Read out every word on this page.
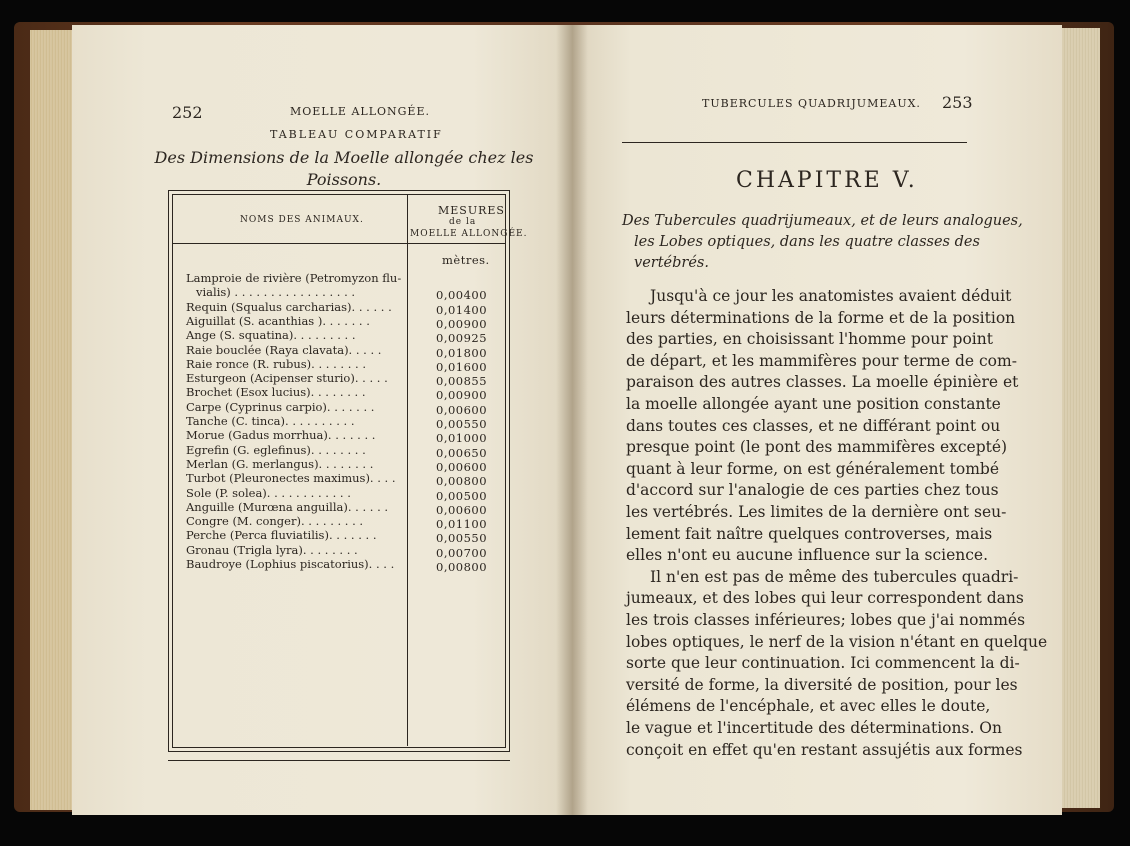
252	MOELLE ALLONGÉE.
TABLEAU COMPARATIF
Des Dimensions de la Moelle allongée chez les Poissons.
NOMS DES ANIMAUX.
MESURES
de la
MOELLE ALLONGÉE.
mètres.
Lamproie de rivière (Petromyzon flu-
vialis) . . . . . . . . . . . . . . . . .	0,00400
Requin (Squalus carcharias). . . . . .	0,01400
Aiguillat (S. acanthias ). . . . . . .	0,00900
Ange (S. squatina). . . . . . . . .	0,00925
Raie bouclée (Raya clavata). . . . .	0,01800
Raie ronce (R. rubus). . . . . . . .	0,01600
Esturgeon (Acipenser sturio). . . . .	0,00855
Brochet (Esox lucius). . . . . . . .	0,00900
Carpe (Cyprinus carpio). . . . . . .	0,00600
Tanche (C. tinca). . . . . . . . . .	0,00550
Morue (Gadus morrhua). . . . . . .	0,01000
Egrefin (G. eglefinus). . . . . . . .	0,00650
Merlan (G. merlangus). . . . . . . .	0,00600
Turbot (Pleuronectes maximus). . . .	0,00800
Sole (P. solea). . . . . . . . . . . .	0,00500
Anguille (Murœna anguilla). . . . . .	0,00600
Congre (M. conger). . . . . . . . .	0,01100
Perche (Perca fluviatilis). . . . . . .	0,00550
Gronau (Trigla lyra). . . . . . . .	0,00700
Baudroye (Lophius piscatorius). . . .	0,00800
TUBERCULES QUADRIJUMEAUX. 253
CHAPITRE V.
Des Tubercules quadrijumeaux, et de leurs analogues,
les Lobes optiques, dans les quatre classes des
vertébrés.
Jusqu'à ce jour les anatomistes avaient déduit
leurs déterminations de la forme et de la position
des parties, en choisissant l'homme pour point
de départ, et les mammifères pour terme de com-
paraison des autres classes. La moelle épinière et
la moelle allongée ayant une position constante
dans toutes ces classes, et ne différant point ou
presque point (le pont des mammifères excepté)
quant à leur forme, on est généralement tombé
d'accord sur l'analogie de ces parties chez tous
les vertébrés. Les limites de la dernière ont seu-
lement fait naître quelques controverses, mais
elles n'ont eu aucune influence sur la science.
Il n'en est pas de même des tubercules quadri-
jumeaux, et des lobes qui leur correspondent dans
les trois classes inférieures; lobes que j'ai nommés
lobes optiques, le nerf de la vision n'étant en quelque
sorte que leur continuation. Ici commencent la di-
versité de forme, la diversité de position, pour les
élémens de l'encéphale, et avec elles le doute,
le vague et l'incertitude des déterminations. On
conçoit en effet qu'en restant assujétis aux formes
